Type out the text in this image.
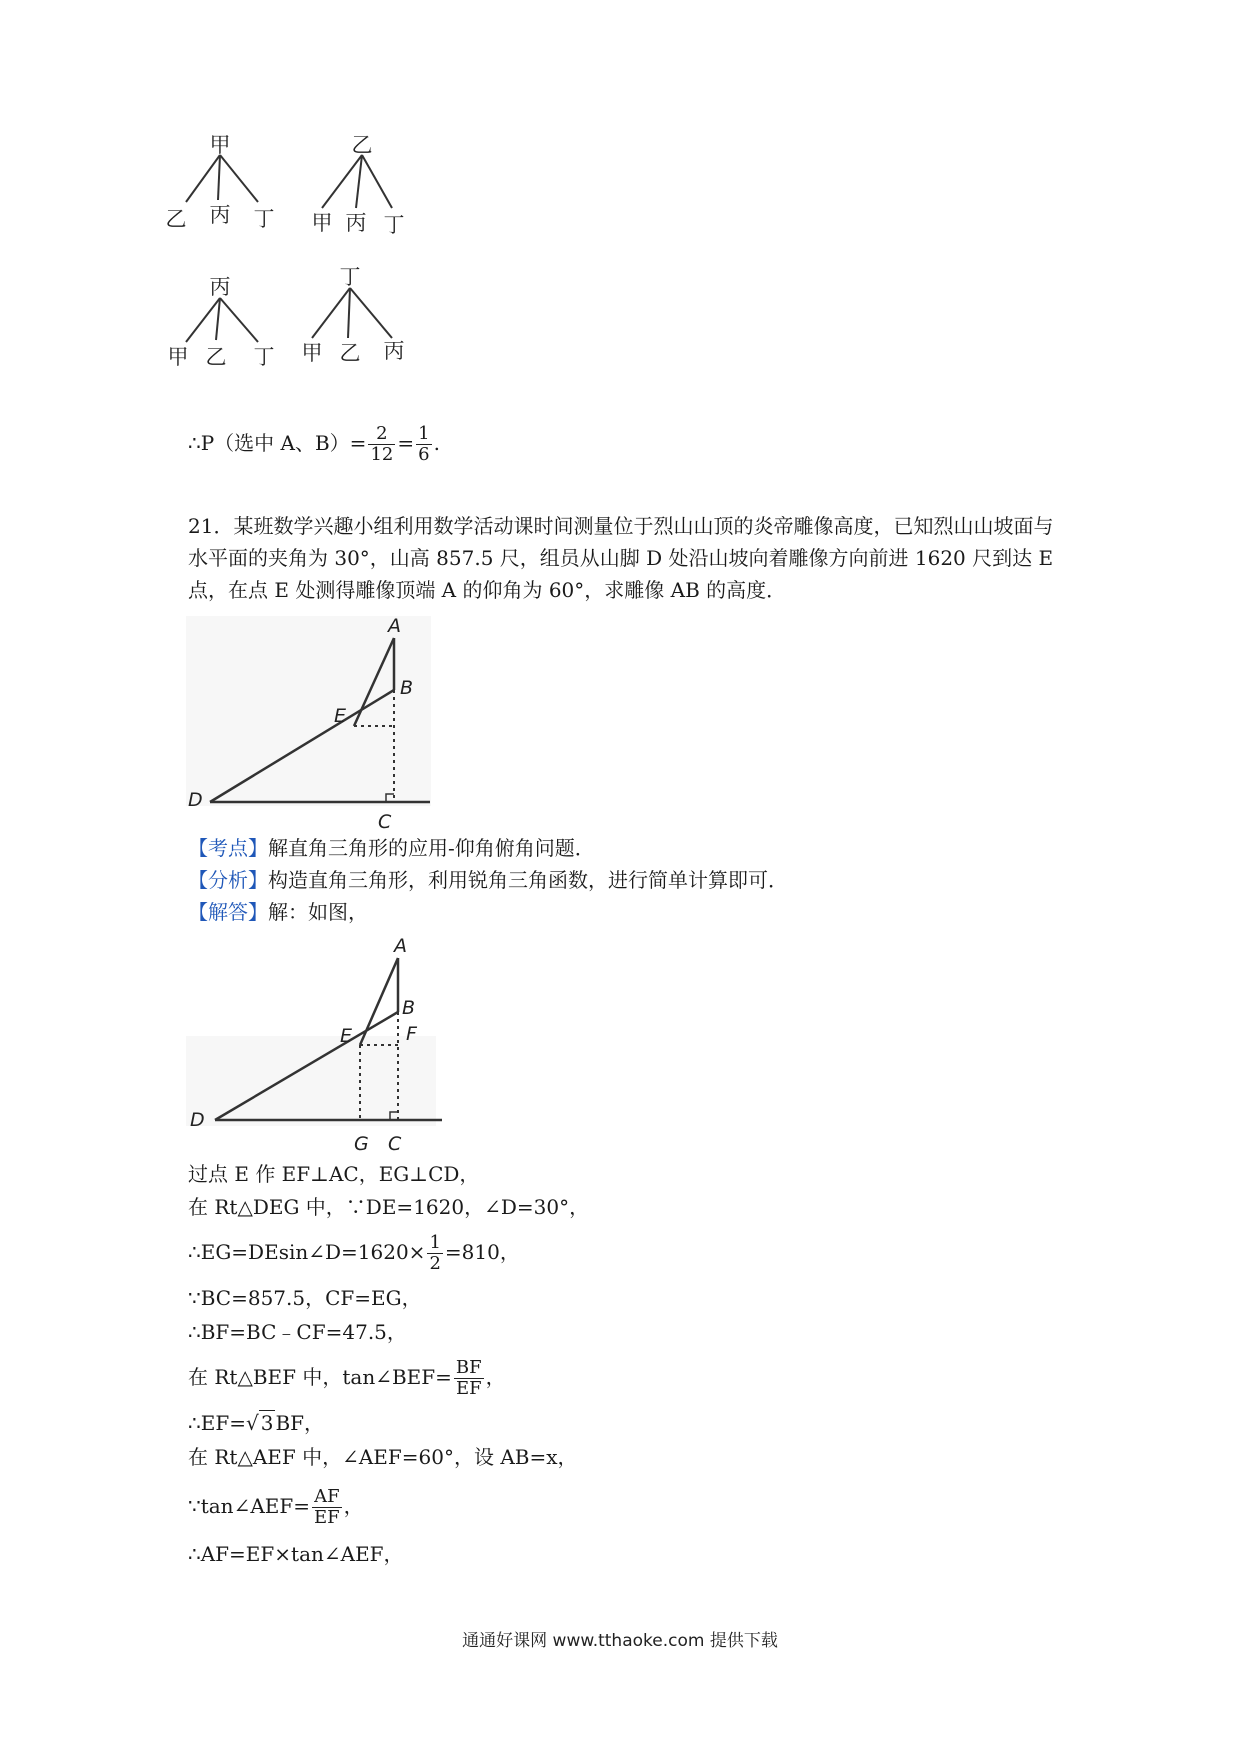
甲
乙 丙 丁
乙
甲 丙 丁
丙
甲 乙 丁
丁
甲 乙 丙
∴P（选中 A、$B)= \frac{2}{12} = \frac{1}{6}$ .
21．某班数学兴趣小组利用数学活动课时间测量位于烈山山顶的炎帝雕像高度，已知烈山山坡面与水平面的夹角为 30°，山高 857.5 尺，组员从山脚 D 处沿山坡向着雕像方向前进 1620 尺到达 E 点，在点 E 处测得雕像顶端 A 的仰角为 60°，求雕像 AB 的高度．
A
B
E
D
C
【考点】解直角三角形的应用-仰角俯角问题．
【分析】构造直角三角形，利用锐角三角函数，进行简单计算即可．
【解答】解：如图，
A
B
F
E
D
G C
过点 E 作 EF⊥AC，EG⊥CD，
在 Rt△DEG 中，∵DE=1620，∠D=30°，
∴EG=DEsin∠D=1620× $\frac{1}{2} =810$，
∵BC=857.5，CF=EG，
∴BF=BC﹣CF=47.5，
在 Rt△BEF 中，tan∠BEF= $\frac{BF}{EF}$ ，
∴EF=√ 3 BF，
在 Rt△AEF 中，∠AEF=60°，设 AB=x，
∵tan∠AEF= $\frac{AF}{EF}$ ，
∴AF=EF×tan∠AEF，
通通好课网 www.tthaoke.com 提供下载
